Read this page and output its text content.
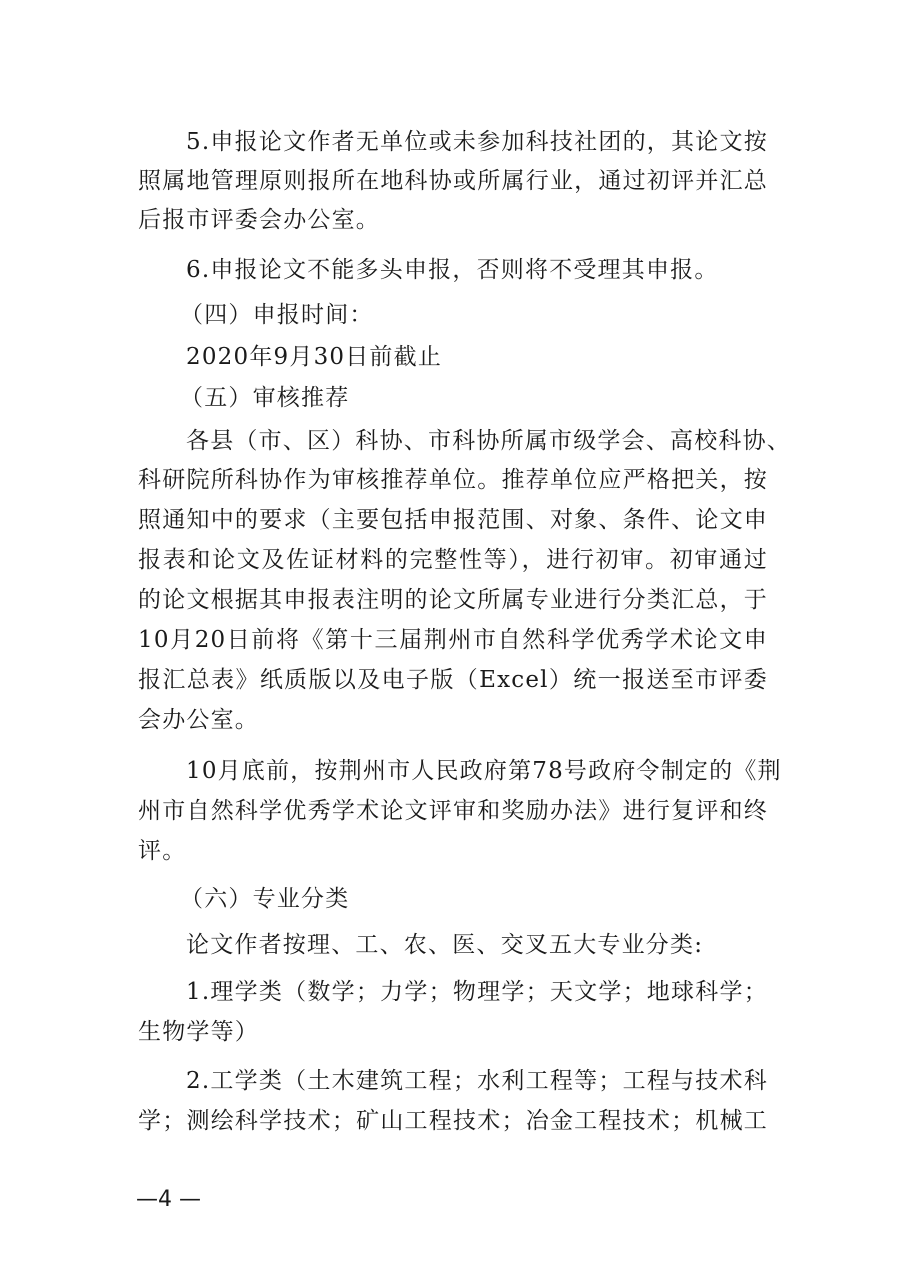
5.申报论文作者无单位或未参加科技社团的，其论文按
照属地管理原则报所在地科协或所属行业，通过初评并汇总
后报市评委会办公室。
6.申报论文不能多头申报，否则将不受理其申报。
（四）申报时间：
2020年9月30日前截止
（五）审核推荐
各县（市、区）科协、市科协所属市级学会、高校科协、
科研院所科协作为审核推荐单位。推荐单位应严格把关，按
照通知中的要求（主要包括申报范围、对象、条件、论文申
报表和论文及佐证材料的完整性等），进行初审。初审通过
的论文根据其申报表注明的论文所属专业进行分类汇总，于
10月20日前将《第十三届荆州市自然科学优秀学术论文申
报汇总表》纸质版以及电子版（Excel）统一报送至市评委
会办公室。
10月底前，按荆州市人民政府第78号政府令制定的《荆
州市自然科学优秀学术论文评审和奖励办法》进行复评和终
评。
（六）专业分类
论文作者按理、工、农、医、交叉五大专业分类:
1.理学类（数学；力学；物理学；天文学；地球科学；
生物学等）
2.工学类（土木建筑工程；水利工程等；工程与技术科
学；测绘科学技术；矿山工程技术；冶金工程技术；机械工
—4 —
